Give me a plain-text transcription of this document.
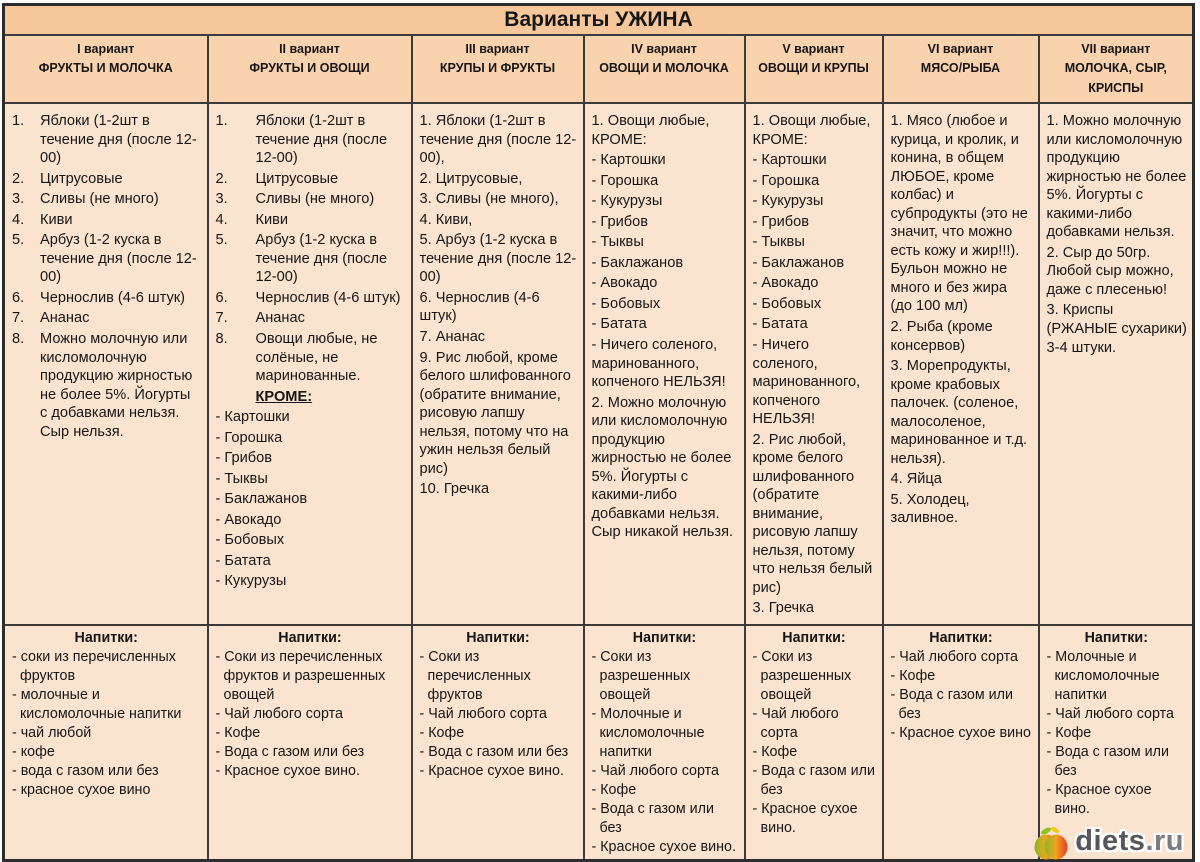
Варианты УЖИНА						

I вариант
ФРУКТЫ И МОЛОЧКА

II вариант
ФРУКТЫ И ОВОЩИ

III вариант
КРУПЫ И ФРУКТЫ

IV вариант
ОВОЩИ И МОЛОЧКА

V вариант
ОВОЩИ И КРУПЫ

VI вариант
МЯСО/РЫБА

VII вариант
МОЛОЧКА, СЫР, КРИСПЫ

1.	Яблоки (1-2шт в течение дня (после 12-00)
2.	Цитрусовые
3.	Сливы (не много)
4.	Киви
5.	Арбуз (1-2 куска в течение дня (после 12-00)
6.	Чернослив (4-6 штук)
7.	Ананас
8.	Можно молочную или кисломолочную продукцию жирностью не более 5%. Йогурты с добавками нельзя. Сыр нельзя.

1.	Яблоки (1-2шт в течение дня (после 12-00)
2.	Цитрусовые
3.	Сливы (не много)
4.	Киви
5.	Арбуз (1-2 куска в течение дня (после 12-00)
6.	Чернослив (4-6 штук)
7.	Ананас
8.	Овощи любые, не солёные, не маринованные.
КРОМЕ:
- Картошки
- Горошка
- Грибов
- Тыквы
- Баклажанов
- Авокадо
- Бобовых
- Батата
- Кукурузы

1. Яблоки (1-2шт в течение дня (после 12-00),
2. Цитрусовые,
3. Сливы (не много),
4. Киви,
5. Арбуз (1-2 куска в течение дня (после 12-00)
6. Чернослив (4-6 штук)
7. Ананас
9. Рис любой, кроме белого шлифованного (обратите внимание, рисовую лапшу нельзя, потому что на ужин нельзя белый рис)
10. Гречка

1. Овощи любые, КРОМЕ:
- Картошки
- Горошка
- Кукурузы
- Грибов
- Тыквы
- Баклажанов
- Авокадо
- Бобовых
- Батата
- Ничего соленого, маринованного, копченого НЕЛЬЗЯ!
2. Можно молочную или кисломолочную продукцию жирностью не более 5%. Йогурты с какими-либо добавками нельзя. Сыр никакой нельзя.

1. Овощи любые, КРОМЕ:
- Картошки
- Горошка
- Кукурузы
- Грибов
- Тыквы
- Баклажанов
- Авокадо
- Бобовых
- Батата
- Ничего соленого, маринованного, копченого НЕЛЬЗЯ!
2. Рис любой, кроме белого шлифованного (обратите внимание, рисовую лапшу нельзя, потому что нельзя белый рис)
3. Гречка

1. Мясо (любое и курица, и кролик, и конина, в общем ЛЮБОЕ, кроме колбас) и субпродукты (это не значит, что можно есть кожу и жир!!!). Бульон можно не много и без жира (до 100 мл)
2. Рыба (кроме консервов)
3. Морепродукты, кроме крабовых палочек. (соленое, малосоленое, маринованное и т.д. нельзя).
4. Яйца
5. Холодец, заливное.

1. Можно молочную или кисломолочную продукцию жирностью не более 5%. Йогурты с какими-либо добавками нельзя.
2. Сыр до 50гр. Любой сыр можно, даже с плесенью!
3. Криспы (РЖАНЫЕ сухарики) 3-4 штуки.

Напитки:
- соки из перечисленных фруктов
- молочные и кисломолочные напитки
- чай любой
- кофе
- вода с газом или без
- красное сухое вино

Напитки:
- Соки из перечисленных фруктов и разрешенных овощей
- Чай любого сорта
- Кофе
- Вода с газом или без
- Красное сухое вино.

Напитки:
- Соки из перечисленных фруктов
- Чай любого сорта
- Кофе
- Вода с газом или без
- Красное сухое вино.

Напитки:
- Соки из разрешенных овощей
- Молочные и кисломолочные напитки
- Чай любого сорта
- Кофе
- Вода с газом или без
- Красное сухое вино.

Напитки:
- Соки из разрешенных овощей
- Чай любого сорта
- Кофе
- Вода с газом или без
- Красное сухое вино.

Напитки:
- Чай любого сорта
- Кофе
- Вода с газом или без
- Красное сухое вино

Напитки:
- Молочные и кисломолочные напитки
- Чай любого сорта
- Кофе
- Вода с газом или без
- Красное сухое вино.
diets.ru
